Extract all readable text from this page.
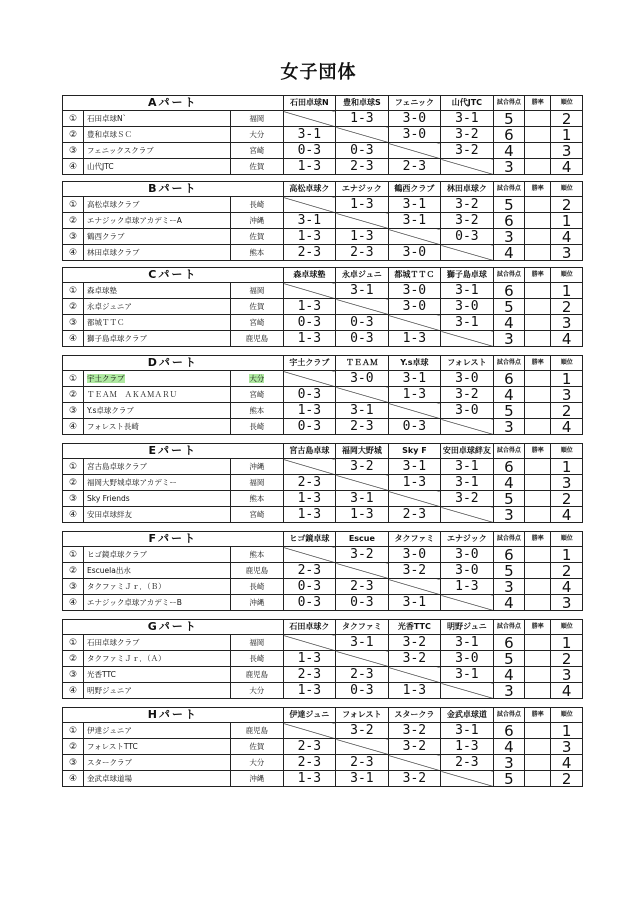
女子団体
Aパート			石田卓球N	豊和卓球S	フェニック	山代JTC	試合得点	勝率	順位
①	石田卓球N`	福岡		1-3	3-0	3-1	5		2
②	豊和卓球ＳＣ	大分	3-1		3-0	3-2	6		1
③	フェニックスクラブ	宮崎	0-3	0-3		3-2	4		3
④	山代JTC	佐賀	1-3	2-3	2-3		3		4
Bパート			高松卓球ク	エナジック	鶴西クラブ	林田卓球ク	試合得点	勝率	順位
①	高松卓球クラブ	長崎		1-3	3-1	3-2	5		2
②	エナジック卓球アカデミーA	沖縄	3-1		3-1	3-2	6		1
③	鶴西クラブ	佐賀	1-3	1-3		0-3	3		4
④	林田卓球クラブ	熊本	2-3	2-3	3-0		4		3
Cパート			森卓球塾	永卓ジュニ	都城ＴＴＣ	獅子島卓球	試合得点	勝率	順位
①	森卓球塾	福岡		3-1	3-0	3-1	6		1
②	永卓ジュニア	佐賀	1-3		3-0	3-0	5		2
③	都城ＴＴＣ	宮崎	0-3	0-3		3-1	4		3
④	獅子島卓球クラブ	鹿児島	1-3	0-3	1-3		3		4
Dパート			宇土クラブ	ＴＥＡＭ	Y.s卓球	フォレスト	試合得点	勝率	順位
①	宇土クラブ	大分		3-0	3-1	3-0	6		1
②	ＴＥＡＭ　ＡＫＡＭＡＲＵ	宮崎	0-3		1-3	3-2	4		3
③	Y.s卓球クラブ	熊本	1-3	3-1		3-0	5		2
④	フォレスト長崎	長崎	0-3	2-3	0-3		3		4
Eパート			宮古島卓球	福岡大野城	Sky F	安田卓球絆友	試合得点	勝率	順位
①	宮古島卓球クラブ	沖縄		3-2	3-1	3-1	6		1
②	福岡大野城卓球アカデミー	福岡	2-3		1-3	3-1	4		3
③	Sky Friends	熊本	1-3	3-1		3-2	5		2
④	安田卓球絆友	宮崎	1-3	1-3	2-3		3		4
Fパート			ヒゴ鏡卓球	Escue	タクファミ	エナジック	試合得点	勝率	順位
①	ヒゴ鏡卓球クラブ	熊本		3-2	3-0	3-0	6		1
②	Escuela出水	鹿児島	2-3		3-2	3-0	5		2
③	タクファミＪｒ．（Ｂ）	長崎	0-3	2-3		1-3	3		4
④	エナジック卓球アカデミーB	沖縄	0-3	0-3	3-1		4		3
Gパート			石田卓球ク	タクファミ	光香TTC	明野ジュニ	試合得点	勝率	順位
①	石田卓球クラブ	福岡		3-1	3-2	3-1	6		1
②	タクファミＪｒ．（Ａ）	長崎	1-3		3-2	3-0	5		2
③	光香TTC	鹿児島	2-3	2-3		3-1	4		3
④	明野ジュニア	大分	1-3	0-3	1-3		3		4
Hパート			伊達ジュニ	フォレスト	スタークラ	金武卓球道	試合得点	勝率	順位
①	伊達ジュニア	鹿児島		3-2	3-2	3-1	6		1
②	フォレストTTC	佐賀	2-3		3-2	1-3	4		3
③	スタークラブ	大分	2-3	2-3		2-3	3		4
④	金武卓球道場	沖縄	1-3	3-1	3-2		5		2
